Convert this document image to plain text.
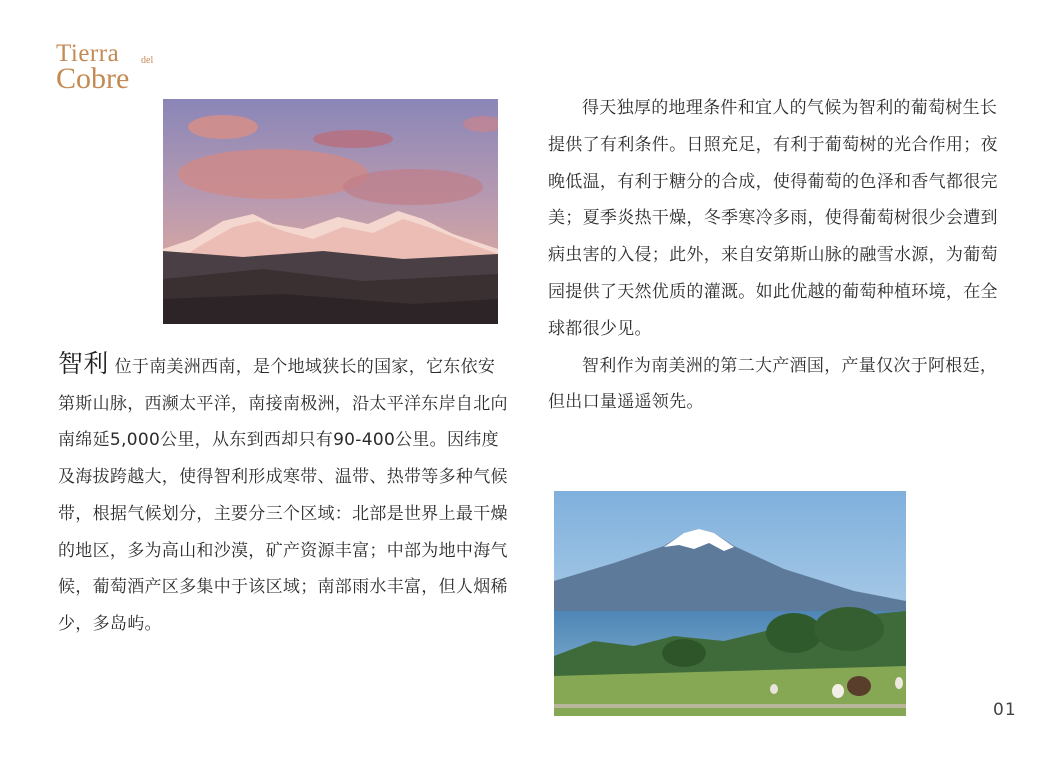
Tierra del
Cobre
智利 位于南美洲西南，是个地域狭长的国家，它东依安第斯山脉，西濒太平洋，南接南极洲，沿太平洋东岸自北向南绵延5,000公里，从东到西却只有90-400公里。因纬度及海拔跨越大，使得智利形成寒带、温带、热带等多种气候带，根据气候划分，主要分三个区域：北部是世界上最干燥的地区，多为高山和沙漠，矿产资源丰富；中部为地中海气候，葡萄酒产区多集中于该区域；南部雨水丰富，但人烟稀少，多岛屿。

得天独厚的地理条件和宜人的气候为智利的葡萄树生长提供了有利条件。日照充足，有利于葡萄树的光合作用；夜晚低温，有利于糖分的合成，使得葡萄的色泽和香气都很完美；夏季炎热干燥，冬季寒冷多雨，使得葡萄树很少会遭到病虫害的入侵；此外，来自安第斯山脉的融雪水源，为葡萄园提供了天然优质的灌溉。如此优越的葡萄种植环境，在全球都很少见。

智利作为南美洲的第二大产酒国，产量仅次于阿根廷，但出口量遥遥领先。

01
